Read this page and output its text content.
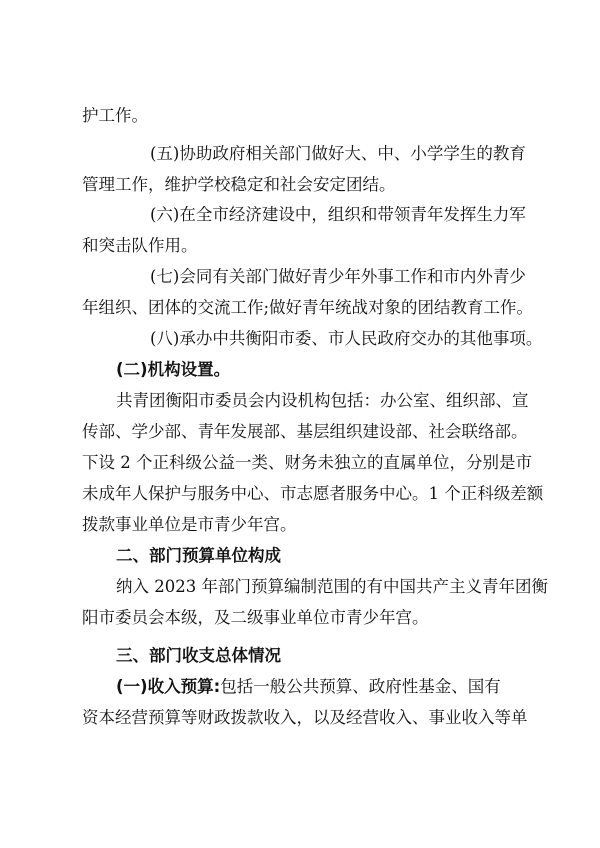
护工作。
(五)协助政府相关部门做好大、中、小学学生的教育
管理工作，维护学校稳定和社会安定团结。
(六)在全市经济建设中，组织和带领青年发挥生力军
和突击队作用。
(七)会同有关部门做好青少年外事工作和市内外青少
年组织、团体的交流工作;做好青年统战对象的团结教育工作。
(八)承办中共衡阳市委、市人民政府交办的其他事项。
(二)机构设置。
共青团衡阳市委员会内设机构包括：办公室、组织部、宣
传部、学少部、青年发展部、基层组织建设部、社会联络部。
下设 2 个正科级公益一类、财务未独立的直属单位，分别是市
未成年人保护与服务中心、市志愿者服务中心。1 个正科级差额
拨款事业单位是市青少年宫。
二、部门预算单位构成
纳入 2023 年部门预算编制范围的有中国共产主义青年团衡
阳市委员会本级，及二级事业单位市青少年宫。
三、部门收支总体情况
(一)收入预算:包括一般公共预算、政府性基金、国有
资本经营预算等财政拨款收入，以及经营收入、事业收入等单
